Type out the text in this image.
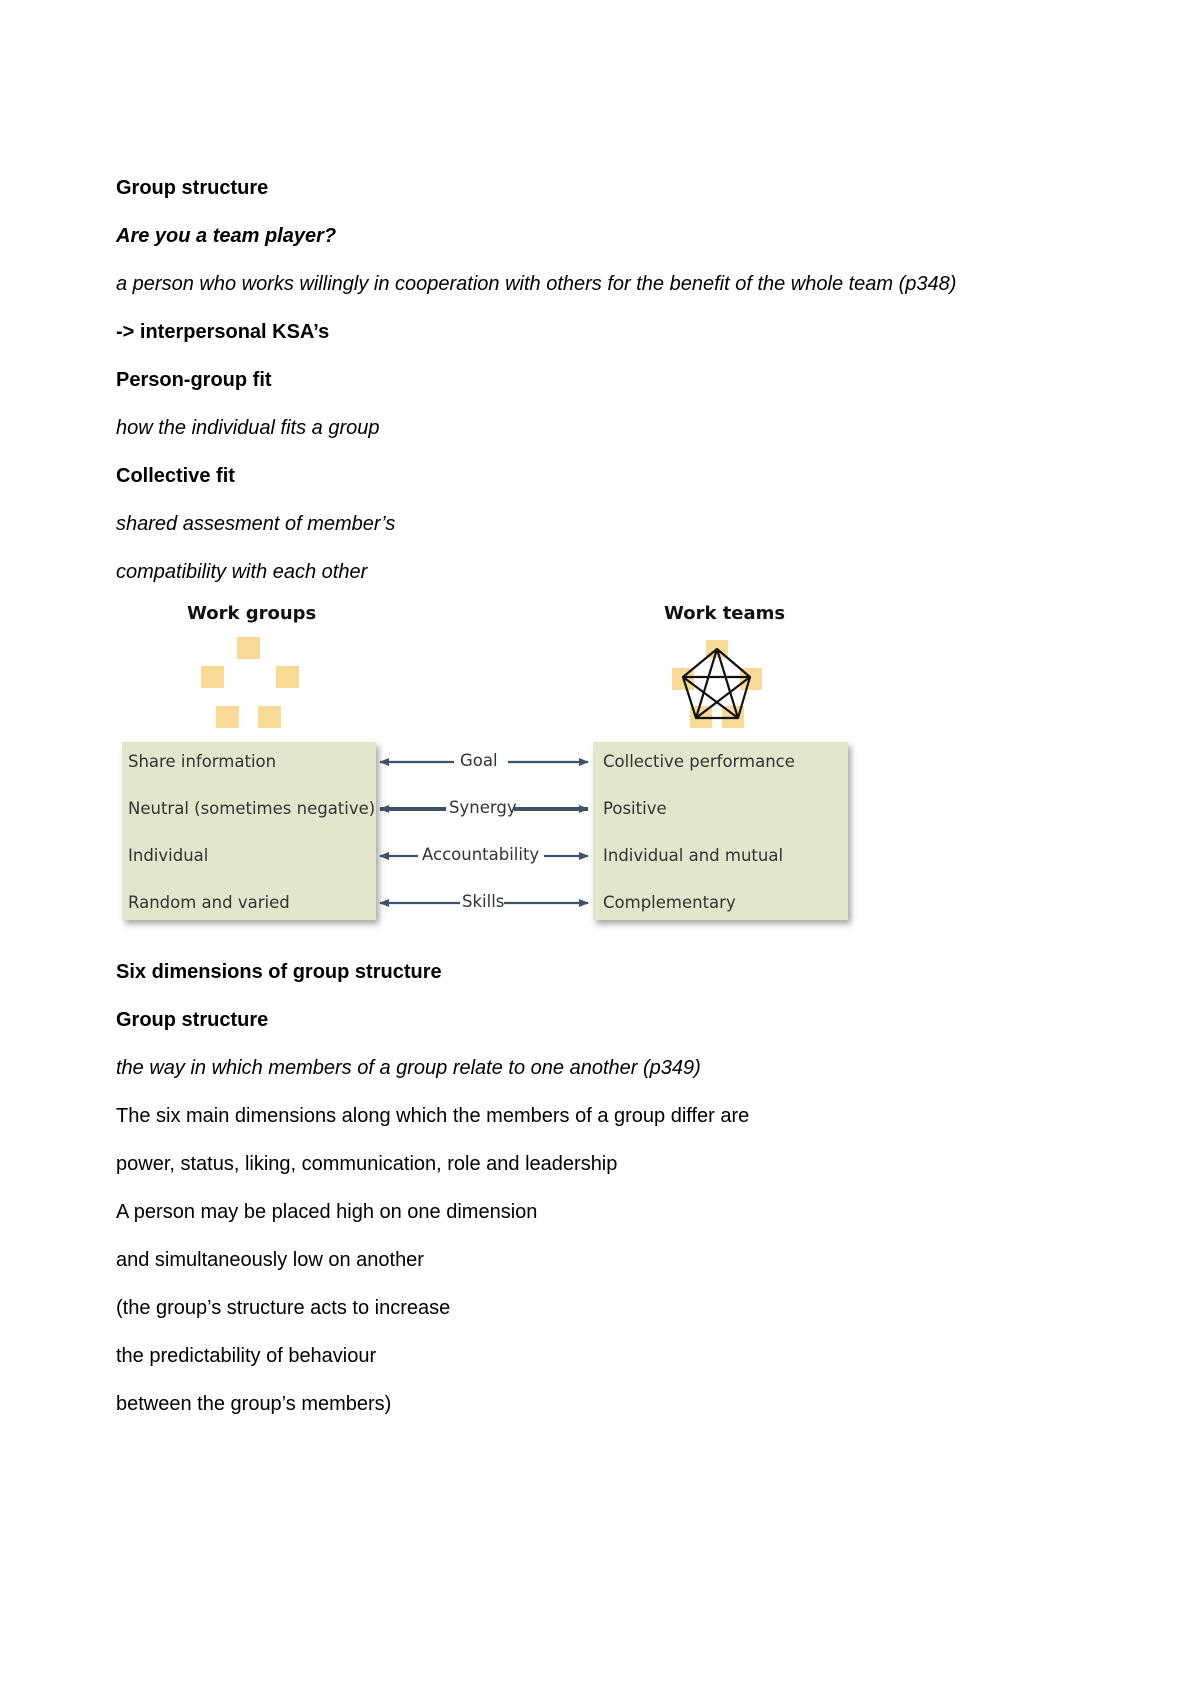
Group structure

Are you a team player?

a person who works willingly in cooperation with others for the benefit of the whole team (p348)

-> interpersonal KSA’s

Person-group fit

how the individual fits a group

Collective fit

shared assesment of member’s

compatibility with each other

Work groups	Work teams
Share information
Neutral (sometimes negative)
Individual
Random and varied
Collective performance
Positive
Individual and mutual
Complementary
Goal
Synergy
Accountability
Skills

Six dimensions of group structure

Group structure

the way in which members of a group relate to one another (p349)

The six main dimensions along which the members of a group differ are

power, status, liking, communication, role and leadership

A person may be placed high on one dimension

and simultaneously low on another

(the group’s structure acts to increase

the predictability of behaviour

between the group’s members)
